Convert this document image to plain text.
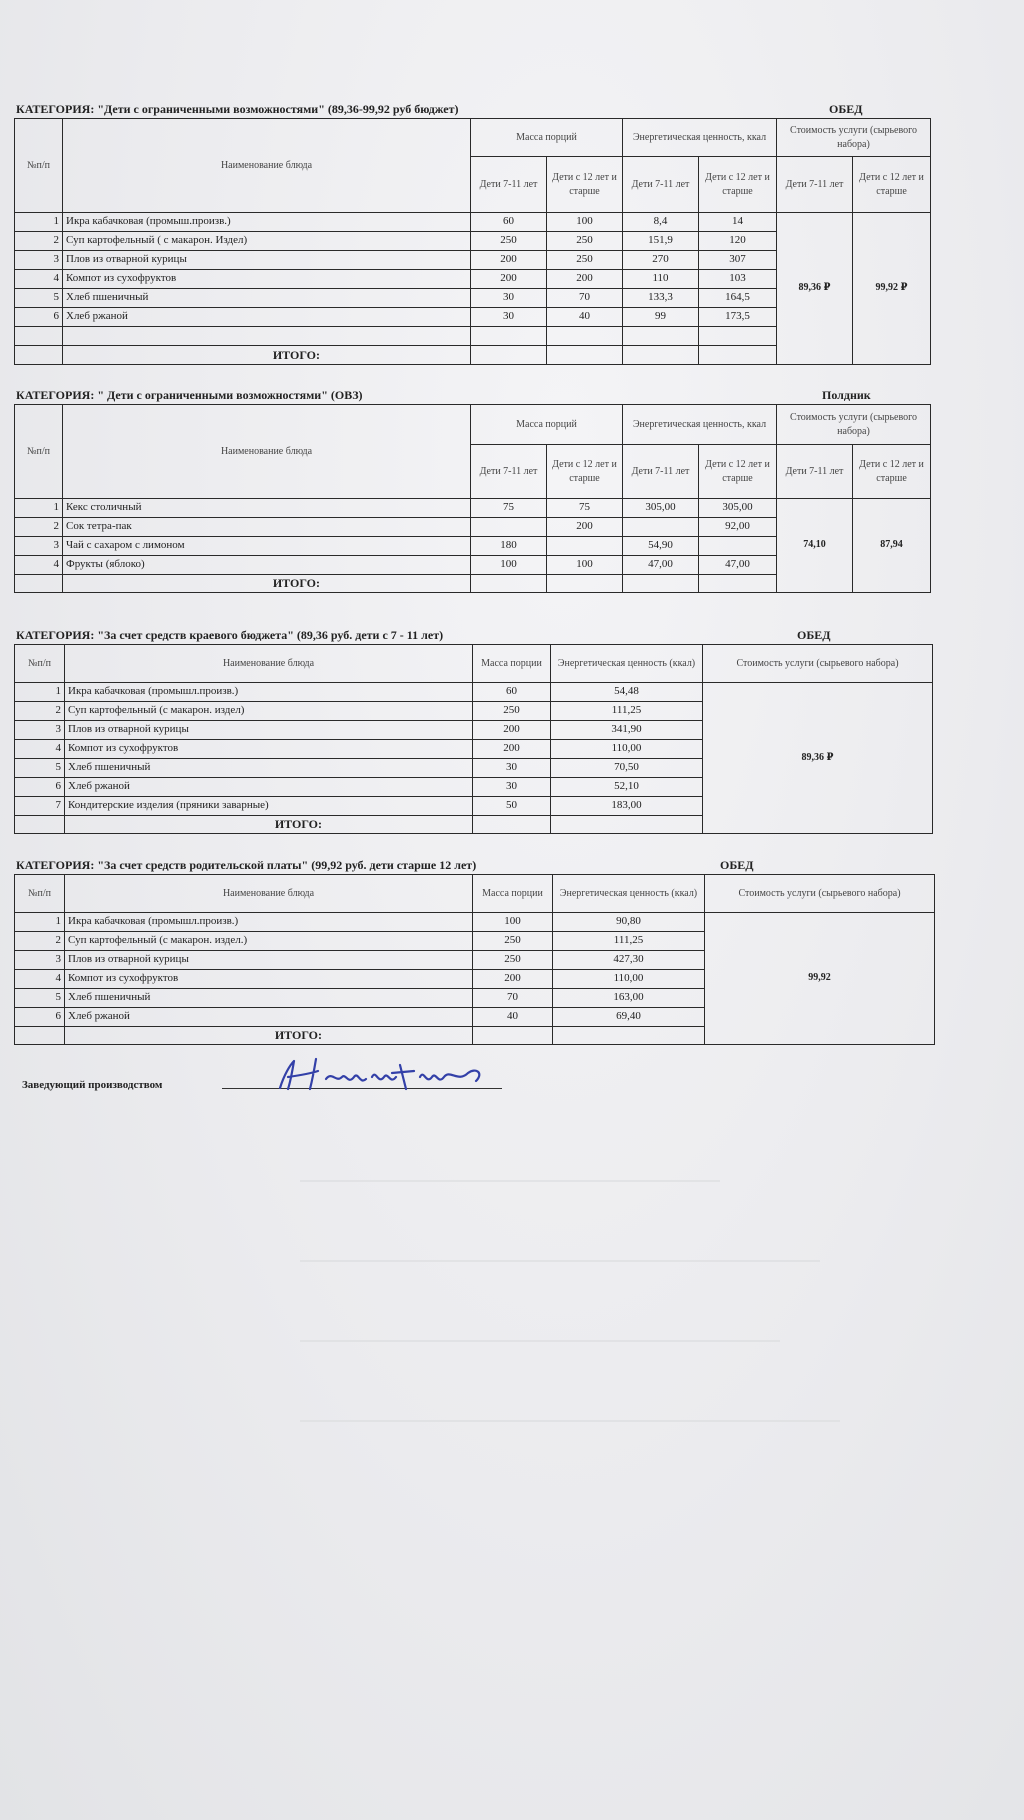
КАТЕГОРИЯ: "Дети с ограниченными возможностями" (89,36-99,92 руб бюджет)	ОБЕД
№п/п	Наименование блюда	Масса порций		Энергетическая ценность, ккал		Стоимость услуги (сырьевого набора)	
		Дети 7-11 лет	Дети с 12 лет и старше	Дети 7-11 лет	Дети с 12 лет и старше	Дети 7-11 лет	Дети с 12 лет и старше
1	Икра кабачковая (промыш.произв.)	60	100	8,4	14	89,36 ₽	99,92 ₽
2	Суп картофельный ( с макарон. Издел)	250	250	151,9	120		
3	Плов из отварной курицы	200	250	270	307		
4	Компот из сухофруктов	200	200	110	103		
5	Хлеб пшеничный	30	70	133,3	164,5		
6	Хлеб ржаной	30	40	99	173,5		

	ИТОГО:						
КАТЕГОРИЯ: " Дети с ограниченными возможностями" (ОВЗ)	Полдник
№п/п	Наименование блюда	Масса порций		Энергетическая ценность, ккал		Стоимость услуги (сырьевого набора)	
		Дети 7-11 лет	Дети с 12 лет и старше	Дети 7-11 лет	Дети с 12 лет и старше	Дети 7-11 лет	Дети с 12 лет и старше
1	Кекс столичный	75	75	305,00	305,00	74,10	87,94
2	Сок тетра-пак		200		92,00		
3	Чай с сахаром с лимоном	180		54,90			
4	Фрукты (яблоко)	100	100	47,00	47,00		
	ИТОГО:						
КАТЕГОРИЯ: "За счет средств краевого бюджета" (89,36 руб. дети с 7 - 11 лет)	ОБЕД
№п/п	Наименование блюда	Масса порции	Энергетическая ценность (ккал)	Стоимость услуги (сырьевого набора)
1	Икра кабачковая (промышл.произв.)	60	54,48	89,36 ₽
2	Суп картофельный (с макарон. издел)	250	111,25	
3	Плов из отварной курицы	200	341,90	
4	Компот из сухофруктов	200	110,00	
5	Хлеб пшеничный	30	70,50	
6	Хлеб ржаной	30	52,10	
7	Кондитерские изделия (пряники заварные)	50	183,00	
	ИТОГО:			
КАТЕГОРИЯ: "За счет средств родительской платы" (99,92 руб. дети старше 12 лет)	ОБЕД
№п/п	Наименование блюда	Масса порции	Энергетическая ценность (ккал)	Стоимость услуги (сырьевого набора)
1	Икра кабачковая (промышл.произв.)	100	90,80	99,92
2	Суп картофельный (с макарон. издел.)	250	111,25	
3	Плов из отварной курицы	250	427,30	
4	Компот из сухофруктов	200	110,00	
5	Хлеб пшеничный	70	163,00	
6	Хлеб ржаной	40	69,40	
	ИТОГО:			
Заведующий производством
